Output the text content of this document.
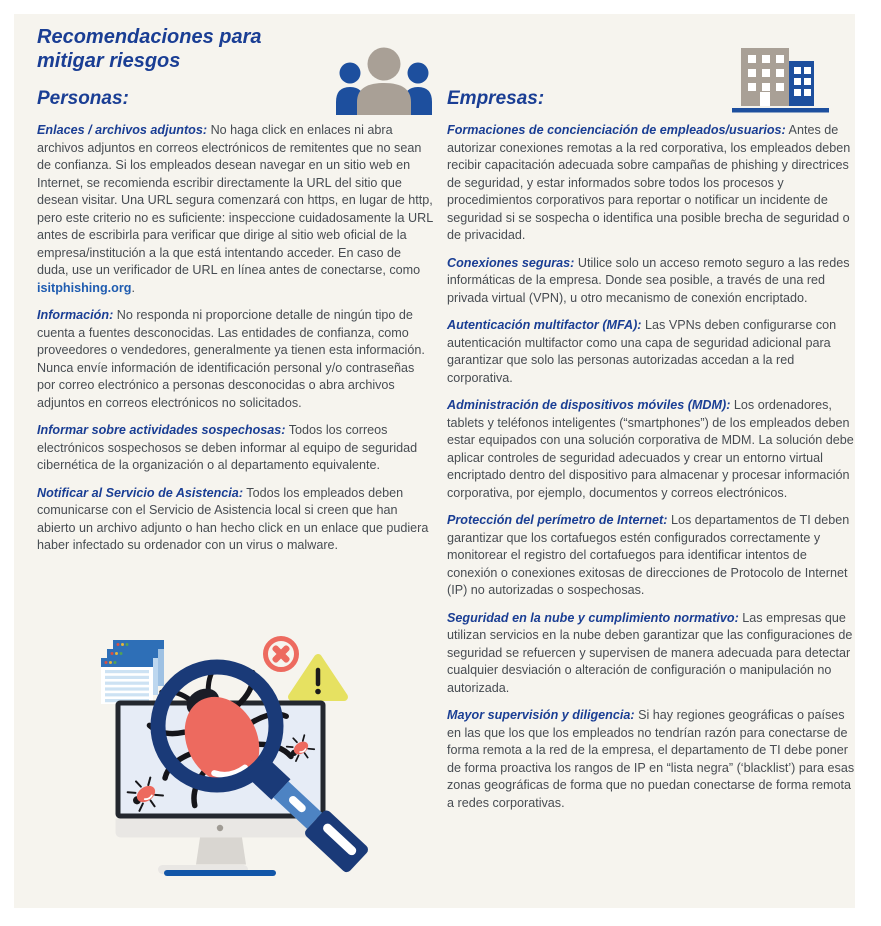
Recomendaciones para mitigar riesgos
Personas:	Empresas:

Enlaces / archivos adjuntos: No haga click en enlaces ni abra archivos adjuntos en correos electrónicos de remitentes que no sean de confianza. Si los empleados desean navegar en un sitio web en Internet, se recomienda escribir directamente la URL del sitio que desean visitar. Una URL segura comenzará con https, en lugar de http, pero este criterio no es suficiente: inspeccione cuidadosamente la URL antes de escribirla para verificar que dirige al sitio web oficial de la empresa/institución a la que está intentando acceder. En caso de duda, use un verificador de URL en línea antes de conectarse, como isitphishing.org.

Información: No responda ni proporcione detalle de ningún tipo de cuenta a fuentes desconocidas. Las entidades de confianza, como proveedores o vendedores, generalmente ya tienen esta información. Nunca envíe información de identificación personal y/o contraseñas por correo electrónico a personas desconocidas o abra archivos adjuntos en correos electrónicos no solicitados.

Informar sobre actividades sospechosas: Todos los correos electrónicos sospechosos se deben informar al equipo de seguridad cibernética de la organización o al departamento equivalente.

Notificar al Servicio de Asistencia: Todos los empleados deben comunicarse con el Servicio de Asistencia local si creen que han abierto un archivo adjunto o han hecho click en un enlace que pudiera haber infectado su ordenador con un virus o malware.

Formaciones de concienciación de empleados/usuarios: Antes de autorizar conexiones remotas a la red corporativa, los empleados deben recibir capacitación adecuada sobre campañas de phishing y directrices de seguridad, y estar informados sobre todos los procesos y procedimientos corporativos para reportar o notificar un incidente de seguridad si se sospecha o identifica una posible brecha de seguridad o de privacidad.

Conexiones seguras: Utilice solo un acceso remoto seguro a las redes informáticas de la empresa. Donde sea posible, a través de una red privada virtual (VPN), u otro mecanismo de conexión encriptado.

Autenticación multifactor (MFA): Las VPNs deben configurarse con autenticación multifactor como una capa de seguridad adicional para garantizar que solo las personas autorizadas accedan a la red corporativa.

Administración de dispositivos móviles (MDM): Los ordenadores, tablets y teléfonos inteligentes (“smartphones”) de los empleados deben estar equipados con una solución corporativa de MDM. La solución debe aplicar controles de seguridad adecuados y crear un entorno virtual encriptado dentro del dispositivo para almacenar y procesar información corporativa, por ejemplo, documentos y correos electrónicos.

Protección del perímetro de Internet: Los departamentos de TI deben garantizar que los cortafuegos estén configurados correctamente y monitorear el registro del cortafuegos para identificar intentos de conexión o conexiones exitosas de direcciones de Protocolo de Internet (IP) no autorizadas o sospechosas.

Seguridad en la nube y cumplimiento normativo: Las empresas que utilizan servicios en la nube deben garantizar que las configuraciones de seguridad se refuercen y supervisen de manera adecuada para detectar cualquier desviación o alteración de configuración o manipulación no autorizada.

Mayor supervisión y diligencia: Si hay regiones geográficas o países en las que los que los empleados no tendrían razón para conectarse de forma remota a la red de la empresa, el departamento de TI debe poner de forma proactiva los rangos de IP en “lista negra” (‘blacklist’) para esas zonas geográficas de forma que no puedan conectarse de forma remota a redes corporativas.
